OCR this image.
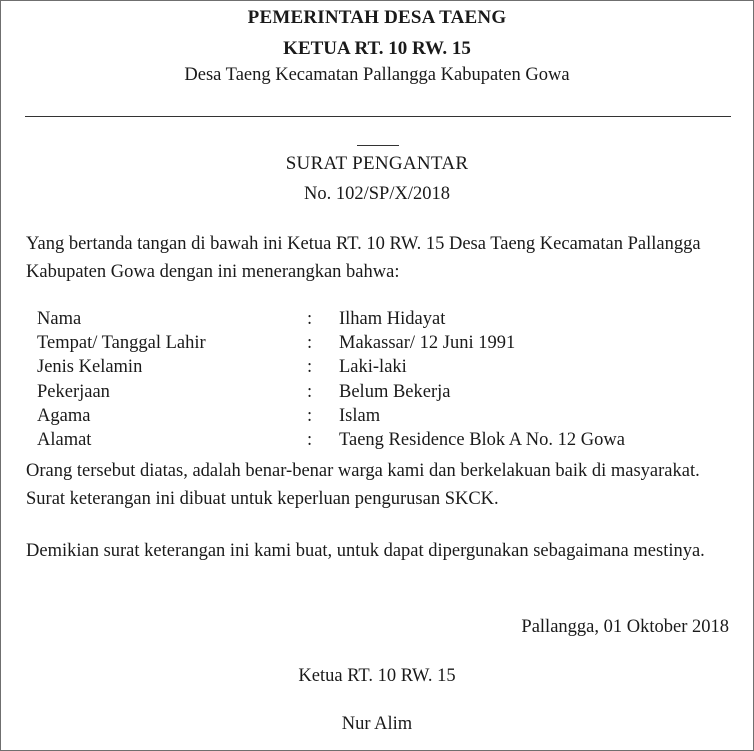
PEMERINTAH DESA TAENG
KETUA RT. 10 RW. 15
Desa Taeng Kecamatan Pallangga Kabupaten Gowa
SURAT PENGANTAR
No. 102/SP/X/2018

Yang bertanda tangan di bawah ini Ketua RT. 10 RW. 15 Desa Taeng Kecamatan Pallangga Kabupaten Gowa dengan ini menerangkan bahwa:

Nama	: Ilham Hidayat
Tempat/ Tanggal Lahir	: Makassar/ 12 Juni 1991
Jenis Kelamin	: Laki-laki
Pekerjaan	: Belum Bekerja
Agama	: Islam
Alamat	: Taeng Residence Blok A No. 12 Gowa

Orang tersebut diatas, adalah benar-benar warga kami dan berkelakuan baik di masyarakat. Surat keterangan ini dibuat untuk keperluan pengurusan SKCK.

Demikian surat keterangan ini kami buat, untuk dapat dipergunakan sebagaimana mestinya.

Pallangga, 01 Oktober 2018
Ketua RT. 10 RW. 15
Nur Alim
